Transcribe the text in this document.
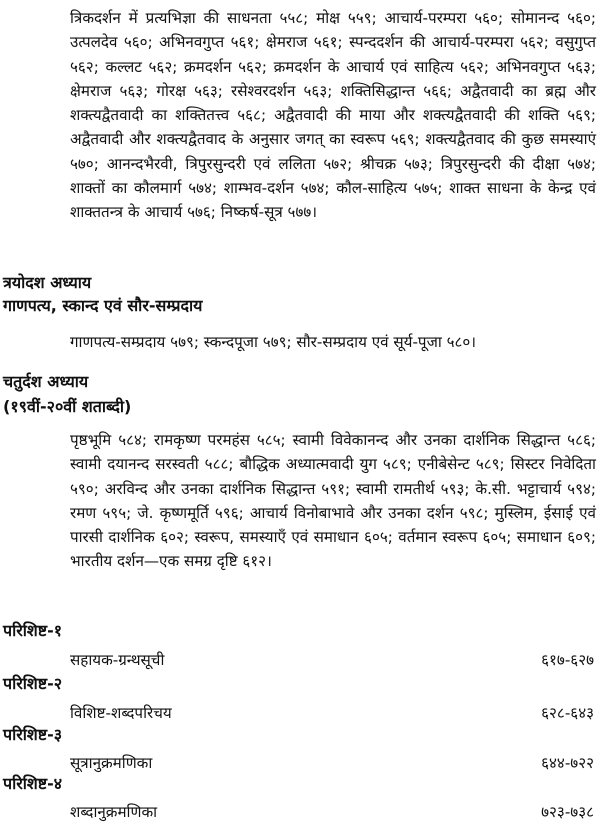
त्रिकदर्शन में प्रत्यभिज्ञा की साधनता ५५८; मोक्ष ५५९; आचार्य-परम्परा ५६०; सोमानन्द ५६०; उत्पलदेव ५६०; अभिनवगुप्त ५६१; क्षेमराज ५६१; स्पन्ददर्शन की आचार्य-परम्परा ५६२; वसुगुप्त ५६२; कल्लट ५६२; क्रमदर्शन ५६२; क्रमदर्शन के आचार्य एवं साहित्य ५६२; अभिनवगुप्त ५६३; क्षेमराज ५६३; गोरक्ष ५६३; रसेश्वरदर्शन ५६३; शक्तिसिद्धान्त ५६६; अद्वैतवादी का ब्रह्म और शक्त्यद्वैतवादी का शक्तितत्त्व ५६८; अद्वैतवादी की माया और शक्त्यद्वैतवादी की शक्ति ५६९; अद्वैतवादी और शक्त्यद्वैतवाद के अनुसार जगत् का स्वरूप ५६९; शक्त्यद्वैतवाद की कुछ समस्याएं ५७०; आनन्दभैरवी, त्रिपुरसुन्दरी एवं ललिता ५७२; श्रीचक्र ५७३; त्रिपुरसुन्दरी की दीक्षा ५७४; शाक्तों का कौलमार्ग ५७४; शाम्भव-दर्शन ५७४; कौल-साहित्य ५७५; शाक्त साधना के केन्द्र एवं शाक्ततन्त्र के आचार्य ५७६; निष्कर्ष-सूत्र ५७७।

त्रयोदश अध्याय
गाणपत्य, स्कान्द एवं सौर-सम्प्रदाय

गाणपत्य-सम्प्रदाय ५७९; स्कन्दपूजा ५७९; सौर-सम्प्रदाय एवं सूर्य-पूजा ५८०।

चतुर्दश अध्याय
(१९वीं-२०वीं शताब्दी)

पृष्ठभूमि ५८४; रामकृष्ण परमहंस ५८५; स्वामी विवेकानन्द और उनका दार्शनिक सिद्धान्त ५८६; स्वामी दयानन्द सरस्वती ५८८; बौद्धिक अध्यात्मवादी युग ५८९; एनीबेसेन्ट ५८९; सिस्टर निवेदिता ५९०; अरविन्द और उनका दार्शनिक सिद्धान्त ५९१; स्वामी रामतीर्थ ५९३; के.सी. भट्टाचार्य ५९४; रमण ५९५; जे. कृष्णमूर्ति ५९६; आचार्य विनोबाभावे और उनका दर्शन ५९८; मुस्लिम, ईसाई एवं पारसी दार्शनिक ६०२; स्वरूप, समस्याएँ एवं समाधान ६०५; वर्तमान स्वरूप ६०५; समाधान ६०९; भारतीय दर्शन—एक समग्र दृष्टि ६१२।

परिशिष्ट-१
सहायक-ग्रन्थसूची	६१७-६२७
परिशिष्ट-२
विशिष्ट-शब्दपरिचय	६२८-६४३
परिशिष्ट-३
सूत्रानुक्रमणिका	६४४-७२२
परिशिष्ट-४
शब्दानुक्रमणिका	७२३-७३८
